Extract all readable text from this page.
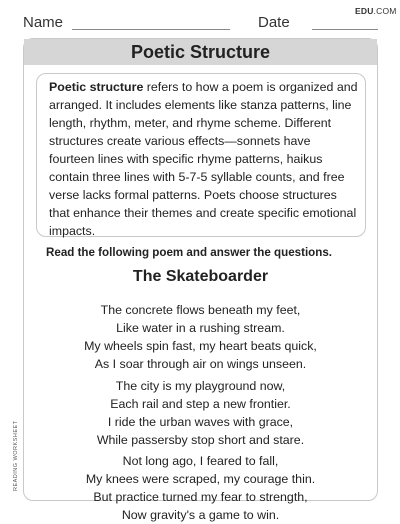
Name	Date
EDU.COM
Poetic Structure
Poetic structure refers to how a poem is organized and arranged. It includes elements like stanza patterns, line length, rhythm, meter, and rhyme scheme. Different structures create various effects—sonnets have fourteen lines with specific rhyme patterns, haikus contain three lines with 5-7-5 syllable counts, and free verse lacks formal patterns. Poets choose structures that enhance their themes and create specific emotional impacts.
Read the following poem and answer the questions.
The Skateboarder
The concrete flows beneath my feet,
Like water in a rushing stream.
My wheels spin fast, my heart beats quick,
As I soar through air on wings unseen.
The city is my playground now,
Each rail and step a new frontier.
I ride the urban waves with grace,
While passersby stop short and stare.
Not long ago, I feared to fall,
My knees were scraped, my courage thin.
But practice turned my fear to strength,
Now gravity's a game to win.
READING WORKSHEET
